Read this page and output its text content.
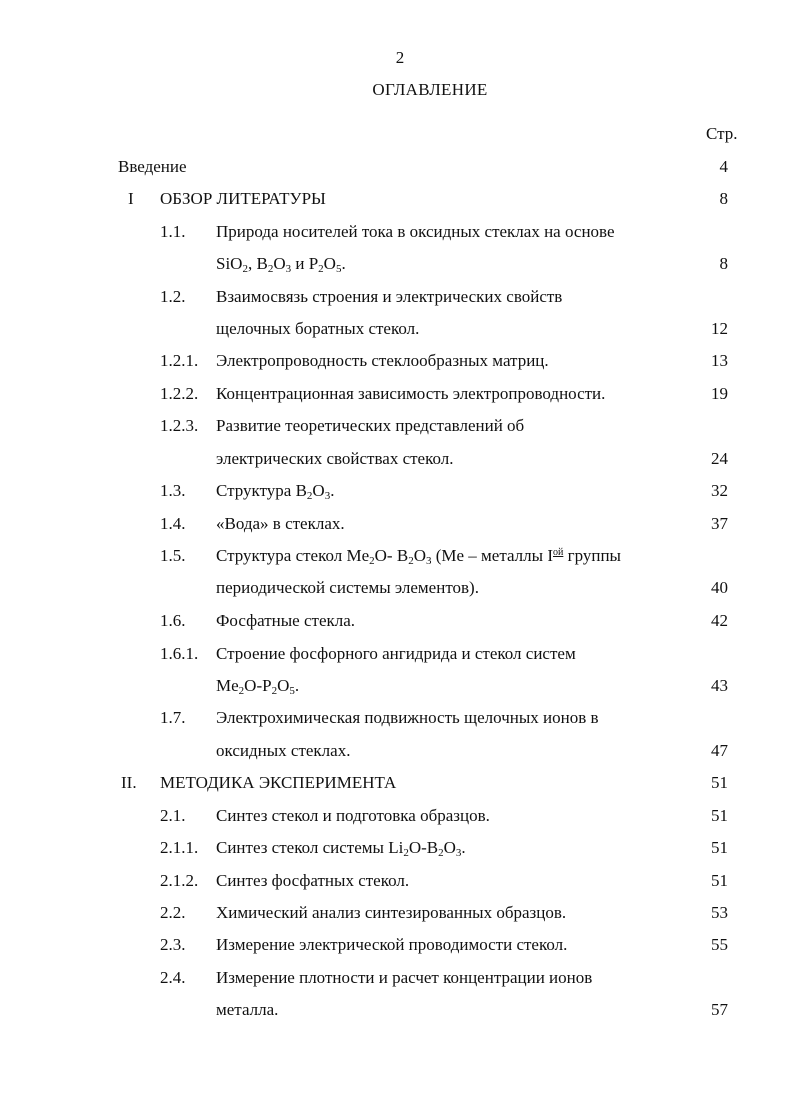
2
ОГЛАВЛЕНИЕ
Стр.
Введение	4
I ОБЗОР ЛИТЕРАТУРЫ	8
1.1. Природа носителей тока в оксидных стеклах на основе
SiO$_2$, $B_2O_3$ и $P_2O_5$.	8
1.2. Взаимосвязь строения и электрических свойств
щелочных боратных стекол.	12
1.2.1. Электропроводность стеклообразных матриц.	13
1.2.2. Концентрационная зависимость электропроводности.	19
1.2.3. Развитие теоретических представлений об
электрических свойствах стекол.	24
1.3. Структура $B_2O_3$.	32
1.4. «Вода» в стеклах.	37
1.5. Структура стекол $Me_2O-$ $B_2O_3$ (Me – металлы $I^{ой}$ группы
периодической системы элементов).	40
1.6. Фосфатные стекла.	42
1.6.1. Строение фосфорного ангидрида и стекол систем
$Me_2O-P_2O_5$.	43
1.7. Электрохимическая подвижность щелочных ионов в
оксидных стеклах.	47
II. МЕТОДИКА ЭКСПЕРИМЕНТА	51
2.1. Синтез стекол и подготовка образцов.	51
2.1.1. Синтез стекол системы $Li_2O-B_2O_3$.	51
2.1.2. Синтез фосфатных стекол.	51
2.2. Химический анализ синтезированных образцов.	53
2.3. Измерение электрической проводимости стекол.	55
2.4. Измерение плотности и расчет концентрации ионов
металла.	57
